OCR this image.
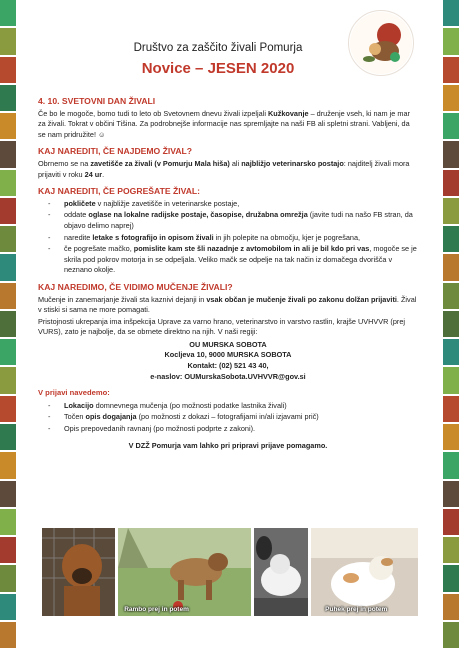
Društvo za zaščito živali Pomurja
Novice – JESEN 2020
4. 10. SVETOVNI DAN ŽIVALI

Če bo le mogoče, bomo tudi to leto ob Svetovnem dnevu živali izpeljali Kužkovanje – druženje vseh, ki nam je mar za živali. Tokrat v občini Tišina. Za podrobnejše informacije nas spremljajte na naši FB ali spletni strani. Vabljeni, da se nam pridružite! ☺

KAJ NAREDITI, ČE NAJDEMO ŽIVAL?

Obrnemo se na zavetišče za živali (v Pomurju Mala hiša) ali najbližjo veterinarsko postajo: najditelj živali mora prijaviti v roku 24 ur.

KAJ NAREDITI, ČE POGREŠATE ŽIVAL:
- pokličete v najbližje zavetišče in veterinarske postaje,
- oddate oglase na lokalne radijske postaje, časopise, družabna omrežja (javite tudi na našo FB stran, da objavo delimo naprej)
- naredite letake s fotografijo in opisom živali in jih polepite na območju, kjer je pogrešana,
- če pogrešate mačko, pomislite kam ste šli nazadnje z avtomobilom in ali je bil kdo pri vas, mogoče se je skrila pod pokrov motorja in se odpeljala. Veliko mačk se odpelje na tak način iz domačega dvorišča v neznano okolje.
KAJ NAREDIMO, ČE VIDIMO MUČENJE ŽIVALI?

Mučenje in zanemarjanje živali sta kaznivi dejanji in vsak občan je mučenje živali po zakonu dolžan prijaviti. Žival v stiski si sama ne more pomagati.

Pristojnosti ukrepanja ima inšpekcija Uprave za varno hrano, veterinarstvo in varstvo rastlin, krajše UVHVVR (prej VURS), zato je najbolje, da se obrnete direktno na njih. V naši regiji:

OU MURSKA SOBOTA
Kocljeva 10, 9000 MURSKA SOBOTA
Kontakt: (02) 521 43 40,
e-naslov: OUMurskaSobota.UVHVVR@gov.si
V prijavi navedemo:
- Lokacijo domnevnega mučenja (po možnosti podatke lastnika živali)
- Točen opis dogajanja (po možnosti z dokazi – fotografijami in/ali izjavami prič)
- Opis prepovedanih ravnanj (po možnosti podprte z zakoni).
V DZŽ Pomurja vam lahko pri pripravi prijave pomagamo.
Rambo prej in potem	Puhek prej in potem
